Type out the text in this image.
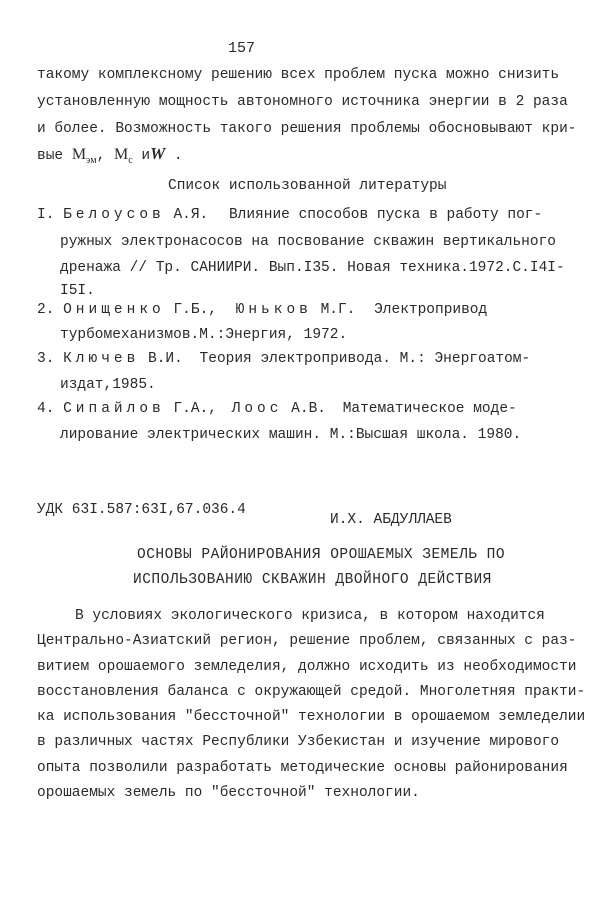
157
такому комплексному решению всех проблем пуска можно снизить
установленную мощность автономного источника энергии в 2 раза
и более. Возможность такого решения проблемы обосновывают кри-
вые $M_{эм}$, $M_с$ иW .
Список использованной литературы
I. Белоусов А.Я. Влияние способов пуска в работу пог-
ружных электронасосов на посвование скважин вертикального
дренажа // Тр. САНИИРИ. Вып.I35. Новая техника.1972.С.I4I-
I5I.
2. Онищенко Г.Б., Юньков М.Г. Электропривод
турбомеханизмов.М.:Энергия, 1972.
3. Ключев В.И. Теория электропривода. М.: Энергоатом-
издат,1985.
4. Сипайлов Г.А., Лоос А.В. Математическое моде-
лирование электрических машин. М.:Высшая школа. 1980.
УДК 63I.587:63I,67.036.4
И.Х. АБДУЛЛАЕВ
ОСНОВЫ РАЙОНИРОВАНИЯ ОРОШАЕМЫХ ЗЕМЕЛЬ ПО
ИСПОЛЬЗОВАНИЮ СКВАЖИН ДВОЙНОГО ДЕЙСТВИЯ
В условиях экологического кризиса, в котором находится
Центрально-Азиатский регион, решение проблем, связанных с раз-
витием орошаемого земледелия, должно исходить из необходимости
восстановления баланса с окружающей средой. Многолетняя практи-
ка использования "бессточной" технологии в орошаемом земледелии
в различных частях Республики Узбекистан и изучение мирового
опыта позволили разработать методические основы районирования
орошаемых земель по "бессточной" технологии.
